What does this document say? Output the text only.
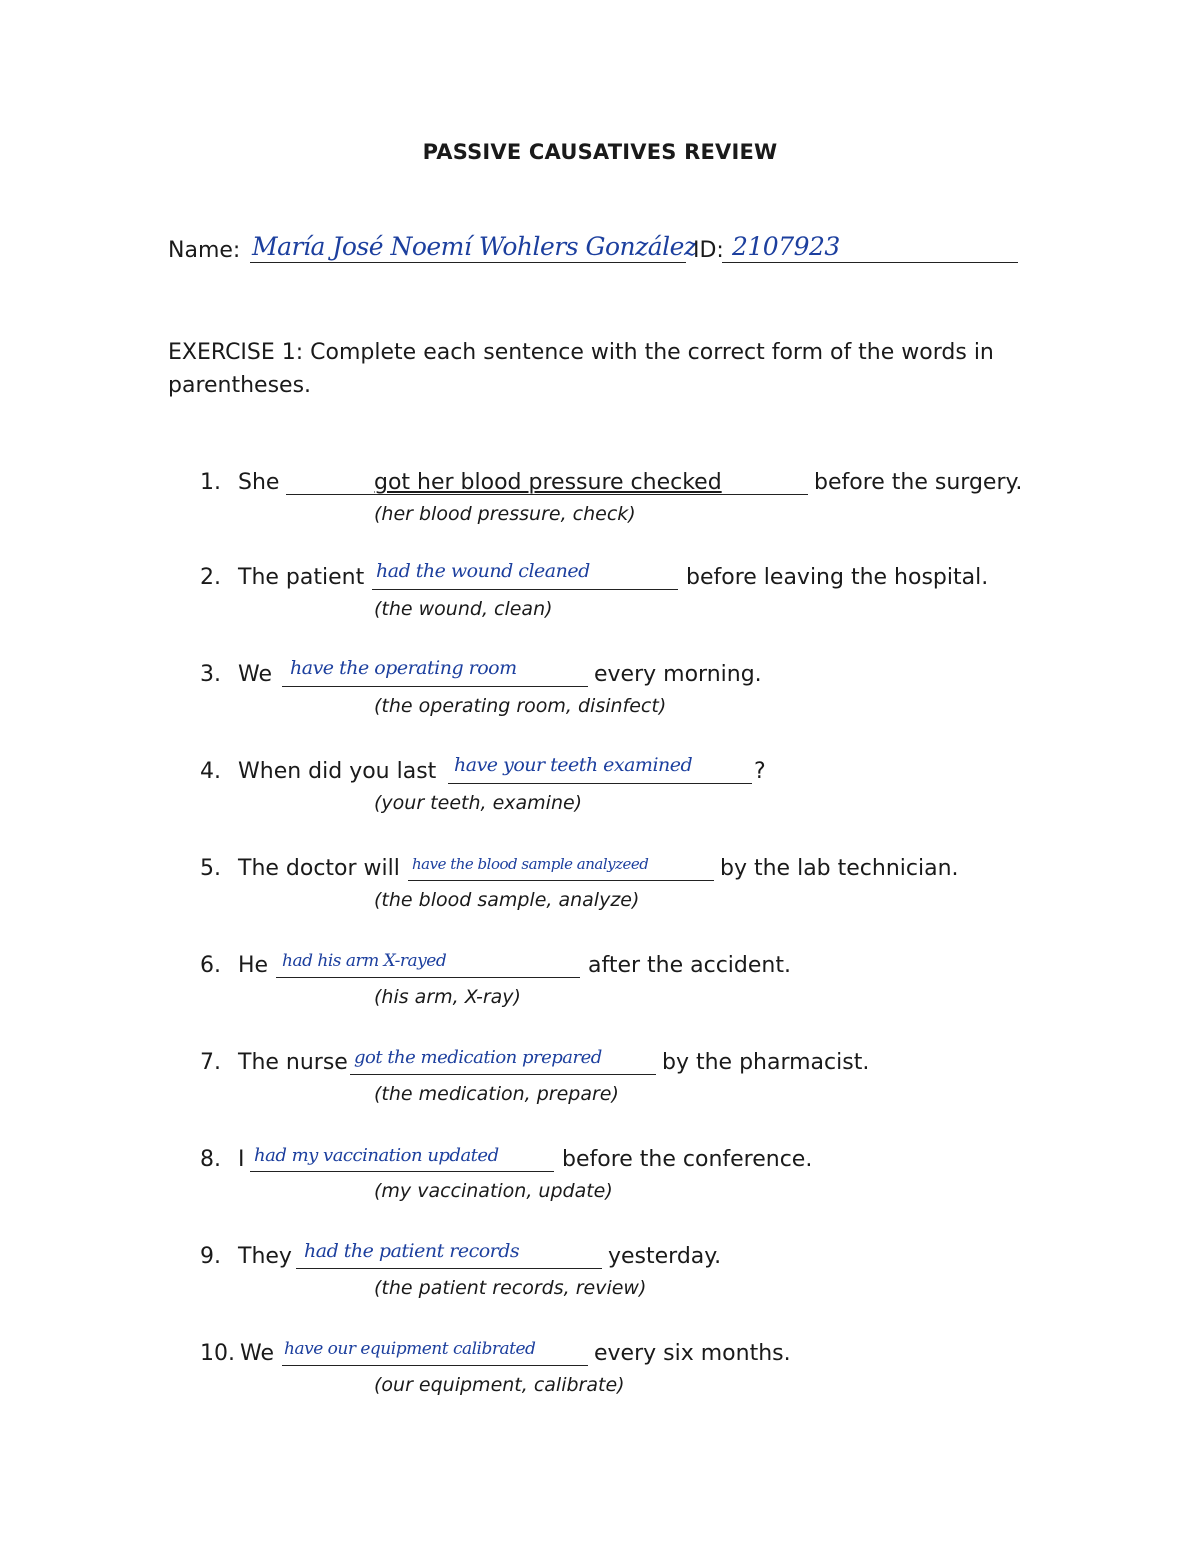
PASSIVE CAUSATIVES REVIEW
Name: María José Noemí Wohlers González
ID: 2107923
EXERCISE 1: Complete each sentence with the correct form of the words in parentheses.
1. She	got her blood pressure checked	before the surgery.
(her blood pressure, check)
2. The patient had the wound cleaned	before leaving the hospital.
(the wound, clean)
3. We have the operating room	every morning.
(the operating room, disinfect)
4. When did you last have your teeth examined	?
(your teeth, examine)
5. The doctor will have the blood sample analyzeed	by the lab technician.
(the blood sample, analyze)
6. He had his arm X-rayed	after the accident.
(his arm, X-ray)
7. The nurse got the medication prepared	by the pharmacist.
(the medication, prepare)
8. I had my vaccination updated	before the conference.
(my vaccination, update)
9. They had the patient records	yesterday.
(the patient records, review)
10. We have our equipment calibrated	every six months.
(our equipment, calibrate)
